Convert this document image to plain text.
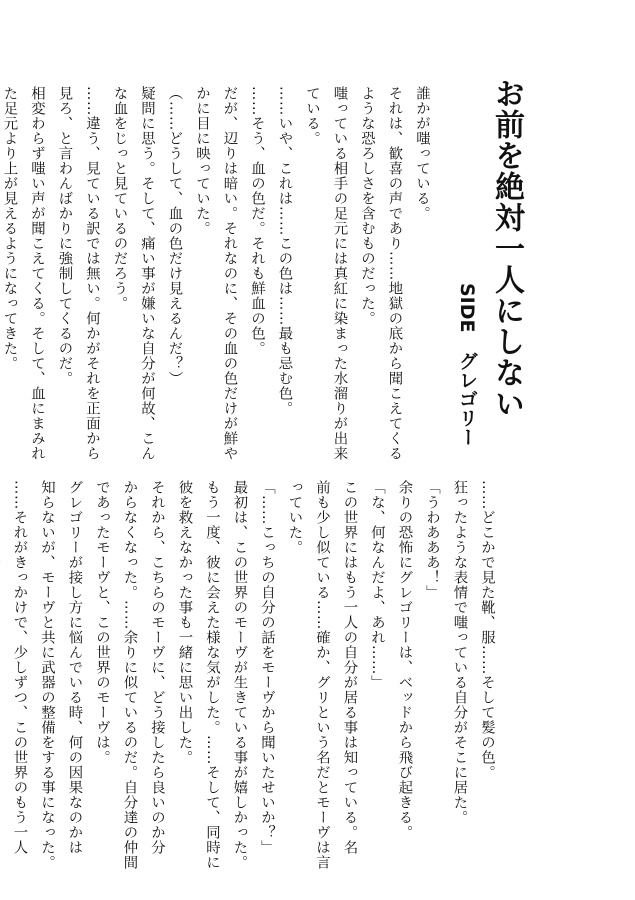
お前を絶対一人にしない
SIDE　グレゴリー

誰かが嗤っている。

それは、歓喜の声であり……地獄の底から聞こえてくる

ような恐ろしさを含むものだった。

嗤っている相手の足元には真紅に染まった水溜りが出来

ている。

……いや、これは……この色は……最も忌む色。

……そう、血の色だ。それも鮮血の色。

だが、辺りは暗い。それなのに、その血の色だけが鮮や

かに目に映っていた。

（……どうして、血の色だけ見えるんだ？）

疑問に思う。そして、痛い事が嫌いな自分が何故、こん

な血をじっと見ているのだろう。

……違う、見ている訳では無い。何かがそれを正面から

見ろ、と言わんばかりに強制してくるのだ。

相変わらず嗤い声が聞こえてくる。そして、血にまみれ

た足元より上が見えるようになってきた。

……どこかで見た靴、服……そして髪の色。

狂ったような表情で嗤っている自分がそこに居た。

「うわあああ！」

余りの恐怖にグレゴリーは、ベッドから飛び起きる。

「な、何なんだよ、あれ……」

この世界にはもう一人の自分が居る事は知っている。名

前も少し似ている……確か、グリという名だとモーヴは言

っていた。

「……こっちの自分の話をモーヴから聞いたせいか？」

最初は、この世界のモーヴが生きている事が嬉しかった。

もう一度、彼に会えた様な気がした。……そして、同時に

彼を救えなかった事も一緒に思い出した。

それから、こちらのモーヴに、どう接したら良いのか分

からなくなった。……余りに似ているのだ。自分達の仲間

であったモーヴと、この世界のモーヴは。

グレゴリーが接し方に悩んでいる時、何の因果なのかは

知らないが、モーヴと共に武器の整備をする事になった。

……それがきっかけで、少しずつ、この世界のもう一人
